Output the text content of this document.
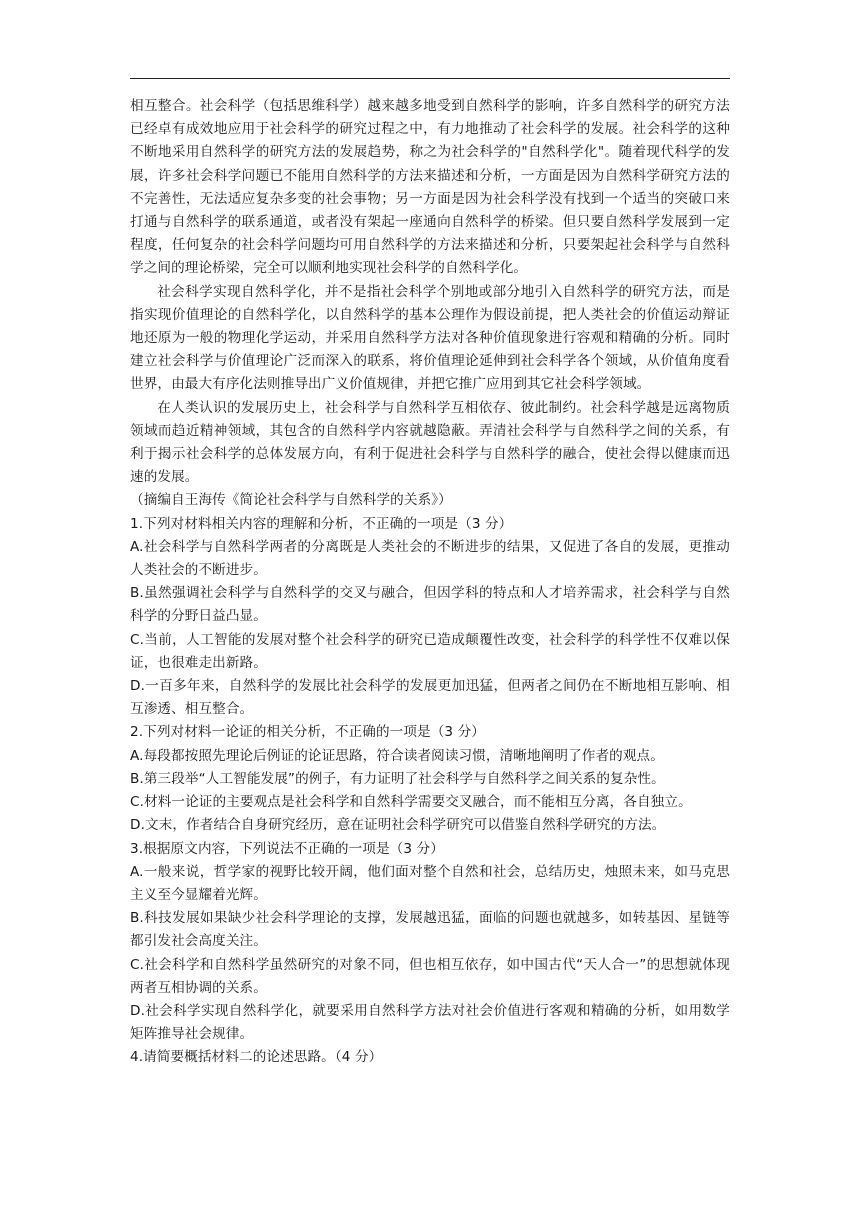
相互整合。社会科学（包括思维科学）越来越多地受到自然科学的影响，许多自然科学的研究方法已经卓有成效地应用于社会科学的研究过程之中，有力地推动了社会科学的发展。社会科学的这种不断地采用自然科学的研究方法的发展趋势，称之为社会科学的"自然科学化"。随着现代科学的发展，许多社会科学问题已不能用自然科学的方法来描述和分析，一方面是因为自然科学研究方法的不完善性，无法适应复杂多变的社会事物；另一方面是因为社会科学没有找到一个适当的突破口来打通与自然科学的联系通道，或者没有架起一座通向自然科学的桥梁。但只要自然科学发展到一定程度，任何复杂的社会科学问题均可用自然科学的方法来描述和分析，只要架起社会科学与自然科学之间的理论桥梁，完全可以顺利地实现社会科学的自然科学化。

社会科学实现自然科学化，并不是指社会科学个别地或部分地引入自然科学的研究方法，而是指实现价值理论的自然科学化，以自然科学的基本公理作为假设前提，把人类社会的价值运动辩证地还原为一般的物理化学运动，并采用自然科学方法对各种价值现象进行容观和精确的分析。同时建立社会科学与价值理论广泛而深入的联系，将价值理论延伸到社会科学各个领域，从价值角度看世界，由最大有序化法则推导出广义价值规律，并把它推广应用到其它社会科学领域。

在人类认识的发展历史上，社会科学与自然科学互相依存、彼此制约。社会科学越是远离物质领域而趋近精神领域，其包含的自然科学内容就越隐蔽。弄清社会科学与自然科学之间的关系，有利于揭示社会科学的总体发展方向，有利于促进社会科学与自然科学的融合，使社会得以健康而迅速的发展。

（摘编自王海传《简论社会科学与自然科学的关系》）

1.下列对材料相关内容的理解和分析，不正确的一项是（3 分）

A.社会科学与自然科学两者的分离既是人类社会的不断进步的结果，又促进了各自的发展，更推动人类社会的不断进步。

B.虽然强调社会科学与自然科学的交叉与融合，但因学科的特点和人才培养需求，社会科学与自然科学的分野日益凸显。

C.当前，人工智能的发展对整个社会科学的研究已造成颠覆性改变，社会科学的科学性不仅难以保证，也很难走出新路。

D.一百多年来，自然科学的发展比社会科学的发展更加迅猛，但两者之间仍在不断地相互影响、相互渗透、相互整合。

2.下列对材料一论证的相关分析，不正确的一项是（3 分）

A.每段都按照先理论后例证的论证思路，符合读者阅读习惯，清晰地阐明了作者的观点。

B.第三段举“人工智能发展”的例子，有力证明了社会科学与自然科学之间关系的复杂性。

C.材料一论证的主要观点是社会科学和自然科学需要交叉融合，而不能相互分离，各自独立。

D.文末，作者结合自身研究经历，意在证明社会科学研究可以借鉴自然科学研究的方法。

3.根据原文内容，下列说法不正确的一项是（3 分）

A.一般来说，哲学家的视野比较开阔，他们面对整个自然和社会，总结历史，烛照未来，如马克思主义至今显耀着光辉。

B.科技发展如果缺少社会科学理论的支撑，发展越迅猛，面临的问题也就越多，如转基因、星链等都引发社会高度关注。

C.社会科学和自然科学虽然研究的对象不同，但也相互依存，如中国古代“天人合一”的思想就体现两者互相协调的关系。

D.社会科学实现自然科学化，就要采用自然科学方法对社会价值进行客观和精确的分析，如用数学矩阵推导社会规律。

4.请简要概括材料二的论述思路。（4 分）
